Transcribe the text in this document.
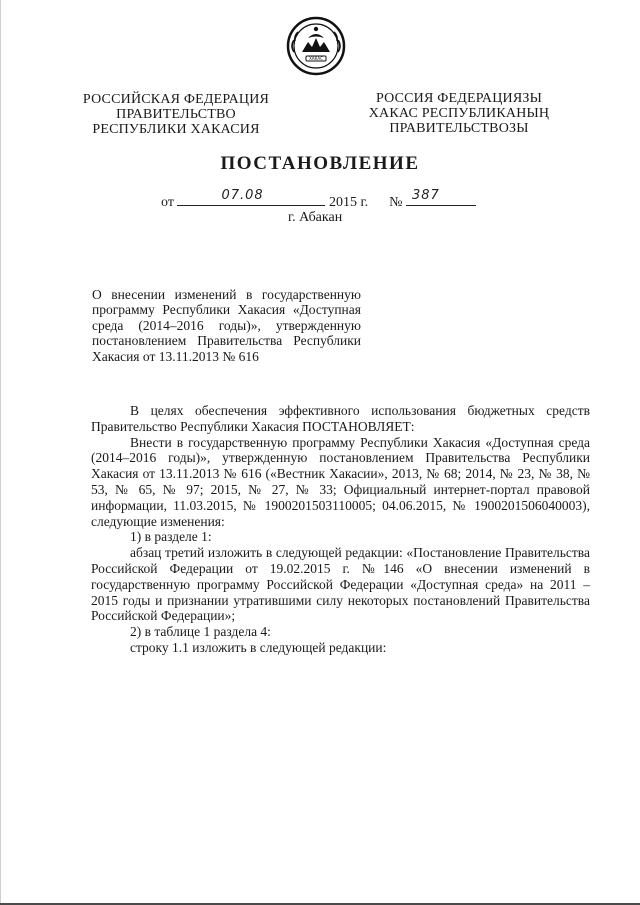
ХАКАС
РОССИЙСКАЯ ФЕДЕРАЦИЯ
ПРАВИТЕЛЬСТВО
РЕСПУБЛИКИ ХАКАСИЯ
РОССИЯ ФЕДЕРАЦИЯЗЫ
ХАКАС РЕСПУБЛИКАНЫҢ
ПРАВИТЕЛЬСТВОЗЫ
ПОСТАНОВЛЕНИЕ
от	07.08	2015 г. № 387
г. Абакан
О внесении изменений в государственную программу Республики Хакасия «Доступная среда (2014–2016 годы)», утвержденную постановлением Правительства Республики Хакасия от 13.11.2013 № 616

В целях обеспечения эффективного использования бюджетных средств Правительство Республики Хакасия ПОСТАНОВЛЯЕТ:

Внести в государственную программу Республики Хакасия «Доступная среда (2014–2016 годы)», утвержденную постановлением Правительства Республики Хакасия от 13.11.2013 № 616 («Вестник Хакасии», 2013, № 68; 2014, № 23, № 38, № 53, № 65, № 97; 2015, № 27, № 33; Официальный интернет-портал правовой информации, 11.03.2015, № 1900201503110005; 04.06.2015, № 1900201506040003), следующие изменения:

1) в разделе 1:

абзац третий изложить в следующей редакции: «Постановление Правительства Российской Федерации от 19.02.2015 г. №146 «О внесении изменений в государственную программу Российской Федерации «Доступная среда» на 2011 – 2015 годы и признании утратившими силу некоторых постановлений Правительства Российской Федерации»;

2) в таблице 1 раздела 4:

строку 1.1 изложить в следующей редакции:
